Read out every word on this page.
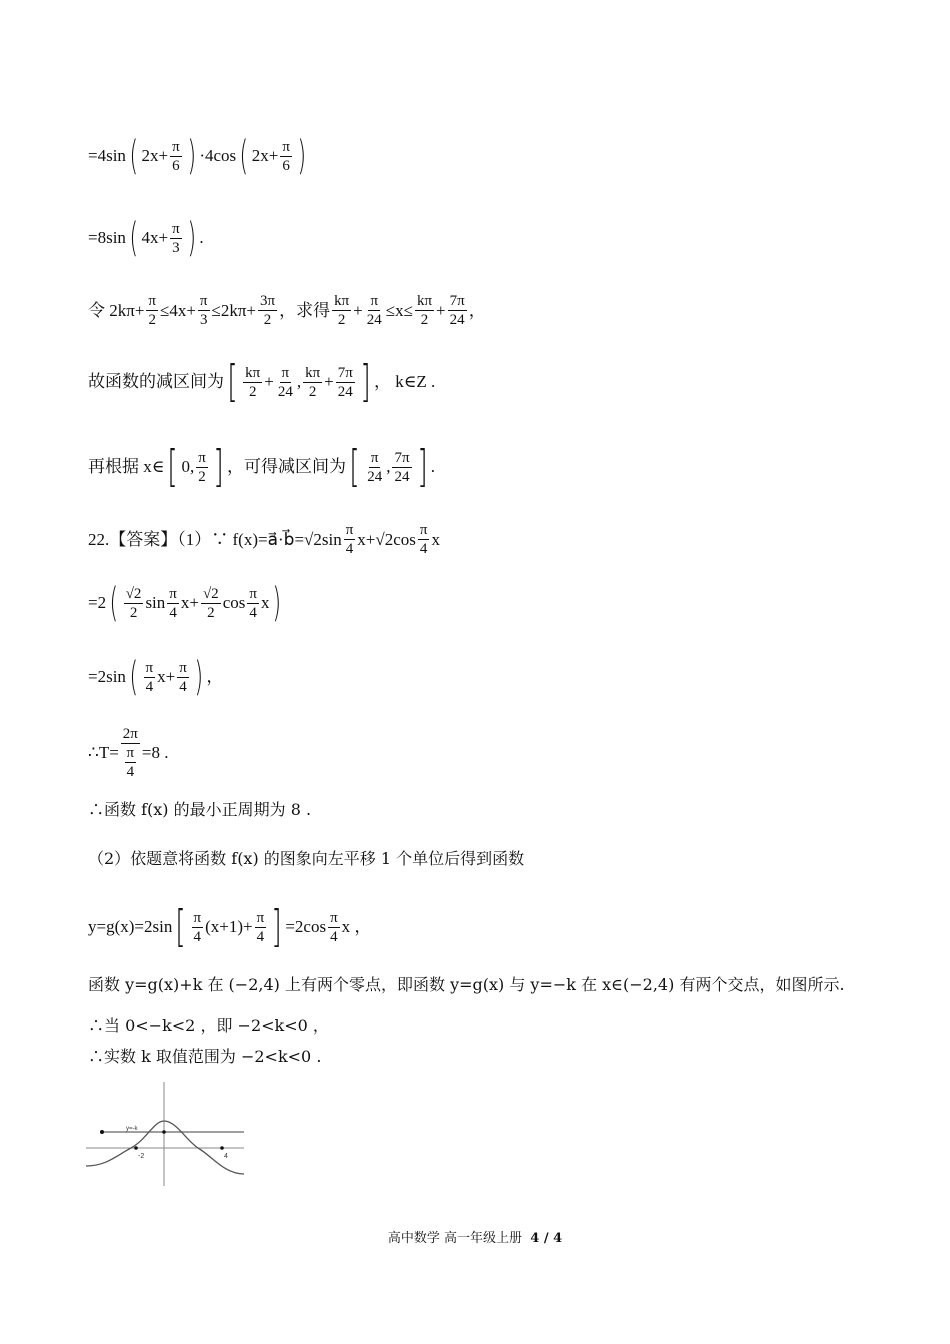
=4sin ( $2x+ \frac{\pi}{6}$ ) ·4cos ( $2x+ \frac{\pi}{6}$ )
=8sin ( $4x+ \frac{\pi}{3}$ ) .
令 $2k\pi+ \frac{\pi}{2} \le 4x+ \frac{\pi}{3} \le 2k\pi+ \frac{3\pi}{2}$ ，求得 $\frac{k\pi}{2} + \frac{\pi}{24} \le x\le \frac{k\pi}{2} + \frac{7\pi}{24}$ ，
故函数的减区间为 [ $\frac{k\pi}{2} + \frac{\pi}{24}$ , $\frac{k\pi}{2} + \frac{7\pi}{24}$ ] ， k∈Z .
再根据 x∈ [ 0, $\frac{\pi}{2}$ ] ，可得减区间为 [ $\frac{\pi}{24}$ , $\frac{7\pi}{24}$ ] .
22.【答案】（1）∵ f(x)=a⃗·b⃗=√2sin $\frac{\pi}{4} x+√2\cos \frac{\pi}{4}$ x
=2 ( $\frac{√2}{2}$ $\sin \frac{\pi}{4} x+ \frac{√2}{2}$ $\cos \frac{\pi}{4}$ x )
=2sin ( $\frac{\pi}{4} x+ \frac{\pi}{4}$ ) ，
∴T= 2π
π
4 =8 .
∴函数 f(x) 的最小正周期为 8 .
（2）依题意将函数 f(x) 的图象向左平移 1 个单位后得到函数
y=g(x)=2sin [ $\frac{\pi}{4} (x+1)+ \frac{\pi}{4}$ ] $=2\cos \frac{\pi}{4}$ x ，
函数 y=g(x)+k 在 (−2,4) 上有两个零点，即函数 y=g(x) 与 y=−k 在 x∈(−2,4) 有两个交点，如图所示.
∴当 0<−k<2 ，即 −2<k<0 ，
∴实数 k 取值范围为 −2<k<0 .
y=-k
-2	4
高中数学 高一年级上册 4 / 4
